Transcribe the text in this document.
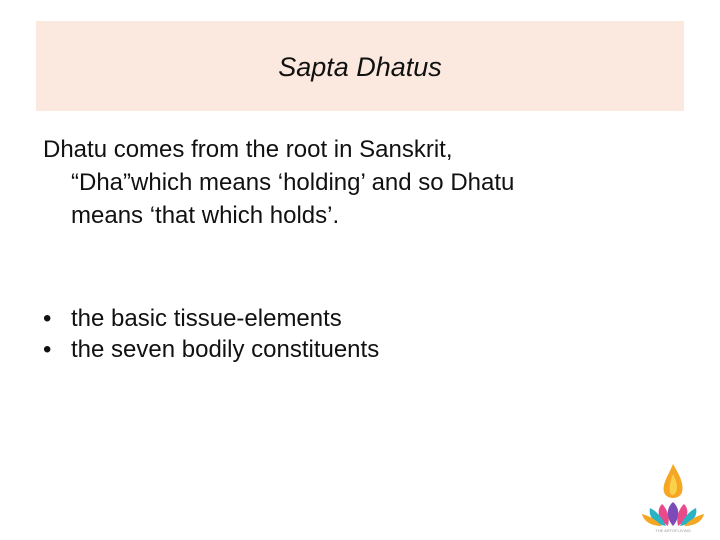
Sapta Dhatus

Dhatu comes from the root in Sanskrit,
“Dha”which means ‘holding’ and so Dhatu
means ‘that which holds’.

• the basic tissue-elements
• the seven bodily constituents
THE ARTOFLIVING
